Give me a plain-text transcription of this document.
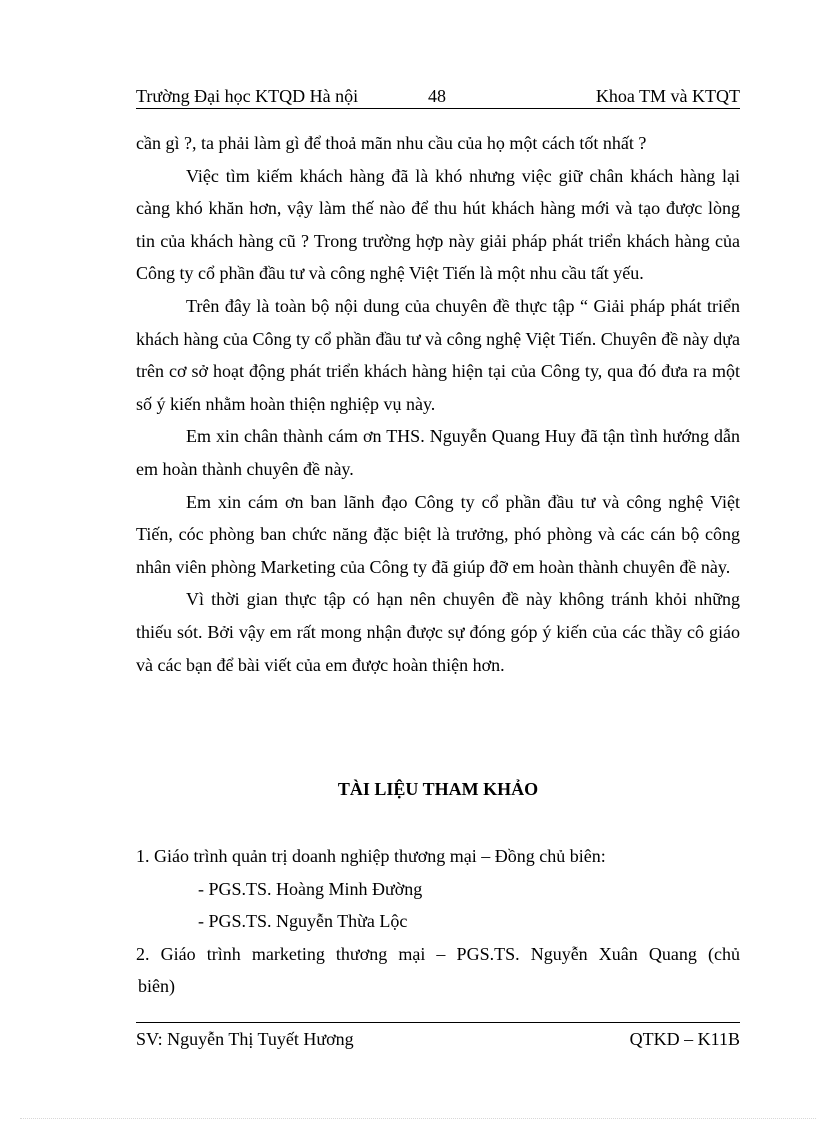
Trường Đại học KTQD Hà nội	48	Khoa TM và KTQT

cần gì ?, ta phải làm gì để thoả mãn nhu cầu của họ một cách tốt nhất ?

Việc tìm kiếm khách hàng đã là khó nhưng việc giữ chân khách hàng lại càng khó khăn hơn, vậy làm thế nào để thu hút khách hàng mới và tạo được lòng tin của khách hàng cũ ? Trong trường hợp này giải pháp phát triển khách hàng của Công ty cổ phần đầu tư và công nghệ Việt Tiến là một nhu cầu tất yếu.

Trên đây là toàn bộ nội dung của chuyên đề thực tập “ Giải pháp phát triển khách hàng của Công ty cổ phần đầu tư và công nghệ Việt Tiến. Chuyên đề này dựa trên cơ sở hoạt động phát triển khách hàng hiện tại của Công ty, qua đó đưa ra một số ý kiến nhằm hoàn thiện nghiệp vụ này.

Em xin chân thành cám ơn THS. Nguyễn Quang Huy đã tận tình hướng dẫn em hoàn thành chuyên đề này.

Em xin cám ơn ban lãnh đạo Công ty cổ phần đầu tư và công nghệ Việt Tiến, cóc phòng ban chức năng đặc biệt là trưởng, phó phòng và các cán bộ công nhân viên phòng Marketing của Công ty đã giúp đỡ em hoàn thành chuyên đề này.

Vì thời gian thực tập có hạn nên chuyên đề này không tránh khỏi những thiếu sót. Bởi vậy em rất mong nhận được sự đóng góp ý kiến của các thầy cô giáo và các bạn để bài viết của em được hoàn thiện hơn.

TÀI LIỆU THAM KHẢO

1. Giáo trình quản trị doanh nghiệp thương mại – Đồng chủ biên:

- PGS.TS. Hoàng Minh Đường

- PGS.TS. Nguyễn Thừa Lộc

2. Giáo trình marketing thương mại – PGS.TS. Nguyễn Xuân Quang (chủ

biên)

SV: Nguyễn Thị Tuyết Hương	QTKD – K11B
